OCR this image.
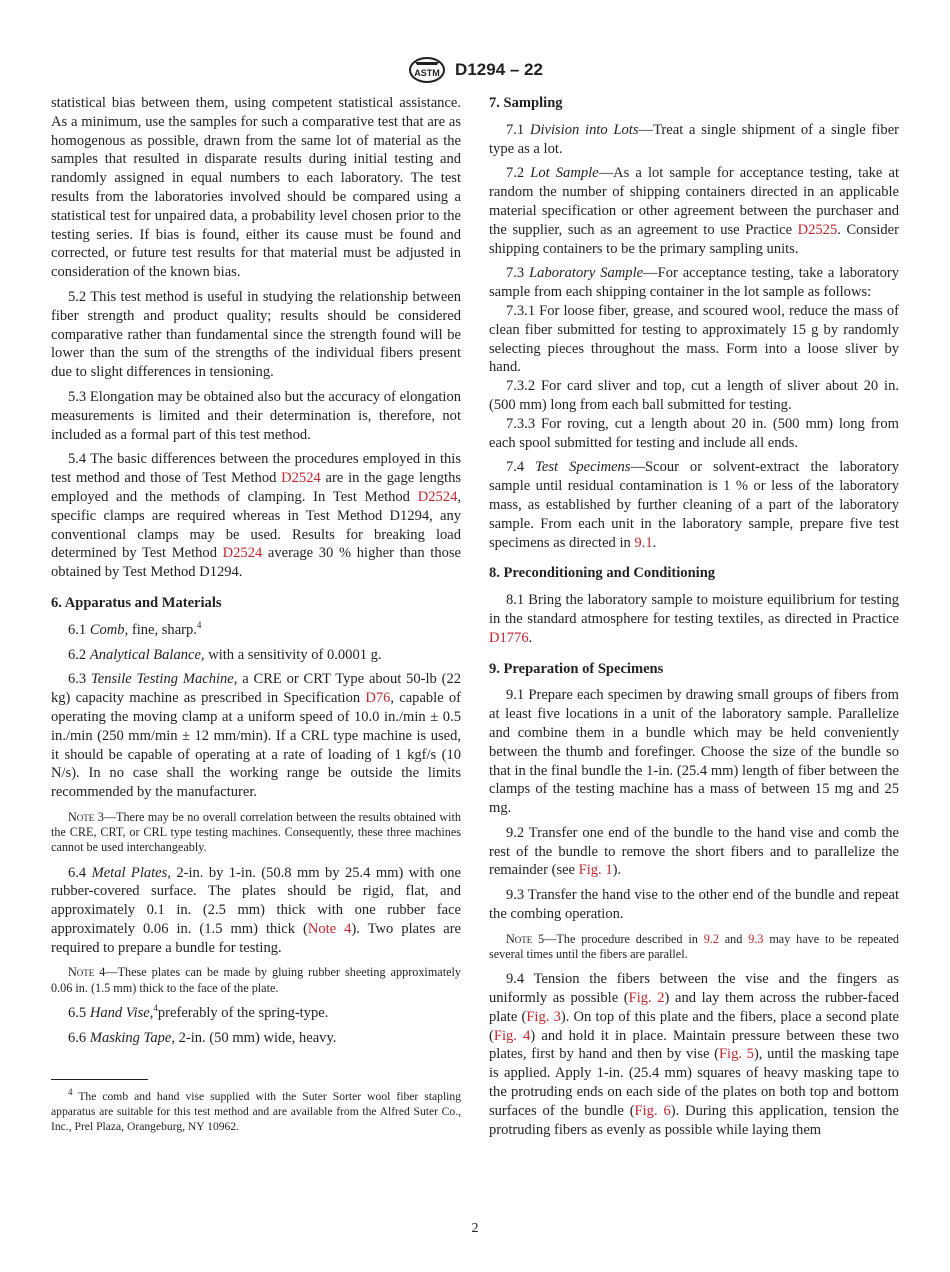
ASTM D1294 – 22

statistical bias between them, using competent statistical assistance. As a minimum, use the samples for such a comparative test that are as homogenous as possible, drawn from the same lot of material as the samples that resulted in disparate results during initial testing and randomly assigned in equal numbers to each laboratory. The test results from the laboratories involved should be compared using a statistical test for unpaired data, a probability level chosen prior to the testing series. If bias is found, either its cause must be found and corrected, or future test results for that material must be adjusted in consideration of the known bias.

5.2 This test method is useful in studying the relationship between fiber strength and product quality; results should be considered comparative rather than fundamental since the strength found will be lower than the sum of the strengths of the individual fibers present due to slight differences in tensioning.

5.3 Elongation may be obtained also but the accuracy of elongation measurements is limited and their determination is, therefore, not included as a formal part of this test method.

5.4 The basic differences between the procedures employed in this test method and those of Test Method D2524 are in the gage lengths employed and the methods of clamping. In Test Method D2524, specific clamps are required whereas in Test Method D1294, any conventional clamps may be used. Results for breaking load determined by Test Method D2524 average 30 % higher than those obtained by Test Method D1294.

6. Apparatus and Materials

6.1 Comb, fine, sharp.$^4$

6.2 Analytical Balance, with a sensitivity of 0.0001 g.

6.3 Tensile Testing Machine, a CRE or CRT Type about 50-lb (22 kg) capacity machine as prescribed in Specification D76, capable of operating the moving clamp at a uniform speed of 10.0 in./min ± 0.5 in./min (250 mm/min ± 12 mm/min). If a CRL type machine is used, it should be capable of operating at a rate of loading of 1 kgf/s (10 N/s). In no case shall the working range be outside the limits recommended by the manufacturer.

Note 3—There may be no overall correlation between the results obtained with the CRE, CRT, or CRL type testing machines. Consequently, these three machines cannot be used interchangeably.

6.4 Metal Plates, 2-in. by 1-in. (50.8 mm by 25.4 mm) with one rubber-covered surface. The plates should be rigid, flat, and approximately 0.1 in. (2.5 mm) thick with one rubber face approximately 0.06 in. (1.5 mm) thick (Note 4). Two plates are required to prepare a bundle for testing.

Note 4—These plates can be made by gluing rubber sheeting approximately 0.06 in. (1.5 mm) thick to the face of the plate.

6.5 Hand Vise,$^4$preferably of the spring-type.

6.6 Masking Tape, 2-in. (50 mm) wide, heavy.

$^4$ The comb and hand vise supplied with the Suter Sorter wool fiber stapling apparatus are suitable for this test method and are available from the Alfred Suter Co., Inc., Prel Plaza, Orangeburg, NY 10962.
7. Sampling

7.1 Division into Lots—Treat a single shipment of a single fiber type as a lot.

7.2 Lot Sample—As a lot sample for acceptance testing, take at random the number of shipping containers directed in an applicable material specification or other agreement between the purchaser and the supplier, such as an agreement to use Practice D2525. Consider shipping containers to be the primary sampling units.

7.3 Laboratory Sample—For acceptance testing, take a laboratory sample from each shipping container in the lot sample as follows:

7.3.1 For loose fiber, grease, and scoured wool, reduce the mass of clean fiber submitted for testing to approximately 15 g by randomly selecting pieces throughout the mass. Form into a loose sliver by hand.

7.3.2 For card sliver and top, cut a length of sliver about 20 in. (500 mm) long from each ball submitted for testing.

7.3.3 For roving, cut a length about 20 in. (500 mm) long from each spool submitted for testing and include all ends.

7.4 Test Specimens—Scour or solvent-extract the laboratory sample until residual contamination is 1 % or less of the laboratory mass, as established by further cleaning of a part of the laboratory sample. From each unit in the laboratory sample, prepare five test specimens as directed in 9.1.

8. Preconditioning and Conditioning

8.1 Bring the laboratory sample to moisture equilibrium for testing in the standard atmosphere for testing textiles, as directed in Practice D1776.

9. Preparation of Specimens

9.1 Prepare each specimen by drawing small groups of fibers from at least five locations in a unit of the laboratory sample. Parallelize and combine them in a bundle which may be held conveniently between the thumb and forefinger. Choose the size of the bundle so that in the final bundle the 1-in. (25.4 mm) length of fiber between the clamps of the testing machine has a mass of between 15 mg and 25 mg.

9.2 Transfer one end of the bundle to the hand vise and comb the rest of the bundle to remove the short fibers and to parallelize the remainder (see Fig. 1).

9.3 Transfer the hand vise to the other end of the bundle and repeat the combing operation.

Note 5—The procedure described in 9.2 and 9.3 may have to be repeated several times until the fibers are parallel.

9.4 Tension the fibers between the vise and the fingers as uniformly as possible (Fig. 2) and lay them across the rubber-faced plate (Fig. 3). On top of this plate and the fibers, place a second plate (Fig. 4) and hold it in place. Maintain pressure between these two plates, first by hand and then by vise (Fig. 5), until the masking tape is applied. Apply 1-in. (25.4 mm) squares of heavy masking tape to the protruding ends on each side of the plates on both top and bottom surfaces of the bundle (Fig. 6). During this application, tension the protruding fibers as evenly as possible while laying them

2
